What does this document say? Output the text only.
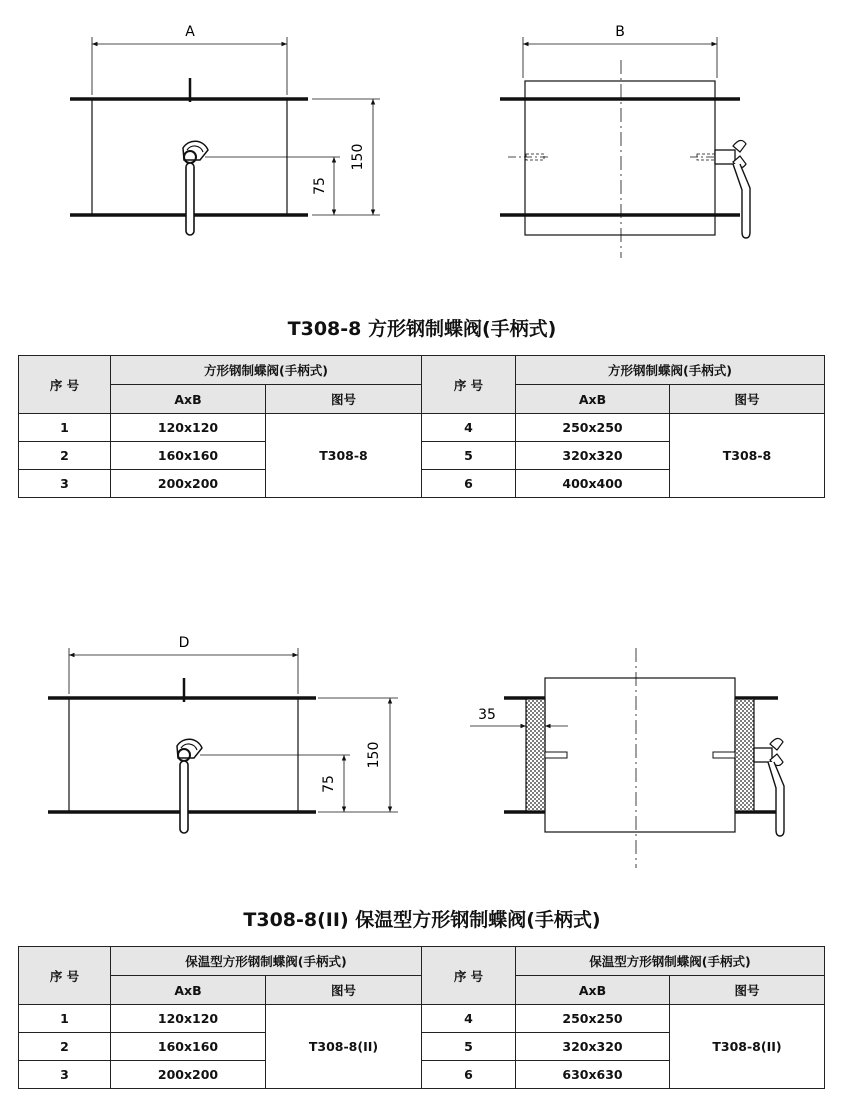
A
150
75
B
T308-8 方形钢制蝶阀(手柄式)
序 号	方形钢制蝶阀(手柄式)		序 号	方形钢制蝶阀(手柄式)	
	AxB	图号		AxB	图号
1	120x120	T308-8	4	250x250	T308-8
2	160x160		5	320x320	
3	200x200		6	400x400	
D
150
75
35
T308-8(II) 保温型方形钢制蝶阀(手柄式)
序 号	保温型方形钢制蝶阀(手柄式)		序 号	保温型方形钢制蝶阀(手柄式)	
	AxB	图号		AxB	图号
1	120x120	T308-8(II)	4	250x250	T308-8(II)
2	160x160		5	320x320	
3	200x200		6	630x630	
